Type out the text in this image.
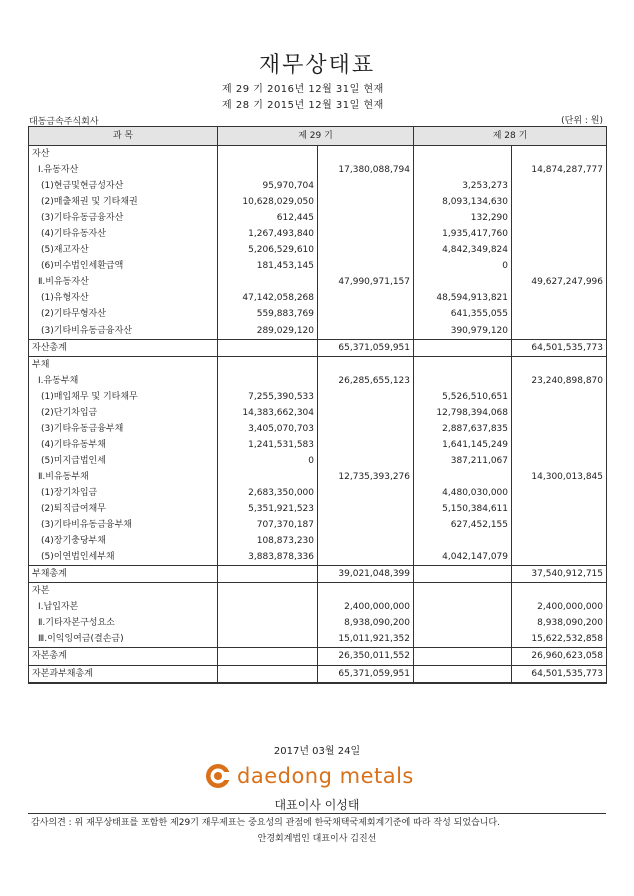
재무상태표
제 29 기 2016년 12월 31일 현재
제 28 기 2015년 12월 31일 현재
대동금속주식회사	(단위 : 원)
과 목	제 29 기		제 28 기	
자산				
Ⅰ.유동자산		17,380,088,794		14,874,287,777
(1)현금및현금성자산	95,970,704		3,253,273	
(2)매출채권 및 기타채권	10,628,029,050		8,093,134,630	
(3)기타유동금융자산	612,445		132,290	
(4)기타유동자산	1,267,493,840		1,935,417,760	
(5)재고자산	5,206,529,610		4,842,349,824	
(6)미수법인세환급액	181,453,145		0	
Ⅱ.비유동자산		47,990,971,157		49,627,247,996
(1)유형자산	47,142,058,268		48,594,913,821	
(2)기타무형자산	559,883,769		641,355,055	
(3)기타비유동금융자산	289,029,120		390,979,120	
자산총계		65,371,059,951		64,501,535,773
부채				
Ⅰ.유동부채		26,285,655,123		23,240,898,870
(1)매입채무 및 기타채무	7,255,390,533		5,526,510,651	
(2)단기차입금	14,383,662,304		12,798,394,068	
(3)기타유동금융부채	3,405,070,703		2,887,637,835	
(4)기타유동부채	1,241,531,583		1,641,145,249	
(5)미지급법인세	0		387,211,067	
Ⅱ.비유동부채		12,735,393,276		14,300,013,845
(1)장기차입금	2,683,350,000		4,480,030,000	
(2)퇴직급여채무	5,351,921,523		5,150,384,611	
(3)기타비유동금융부채	707,370,187		627,452,155	
(4)장기충당부채	108,873,230			
(5)이연법인세부채	3,883,878,336		4,042,147,079	
부채총계		39,021,048,399		37,540,912,715
자본				
Ⅰ.납입자본		2,400,000,000		2,400,000,000
Ⅱ.기타자본구성요소		8,938,090,200		8,938,090,200
Ⅲ.이익잉여금(결손금)		15,011,921,352		15,622,532,858
자본총계		26,350,011,552		26,960,623,058
자본과부채총계		65,371,059,951		64,501,535,773
2017년 03월 24일
daedong metals
대표이사 이성태
감사의견 : 위 재무상태표를 포함한 제29기 재무제표는 중요성의 관점에 한국채택국제회계기준에 따라 작성 되었습니다.
안경회계법인 대표이사 김진선
